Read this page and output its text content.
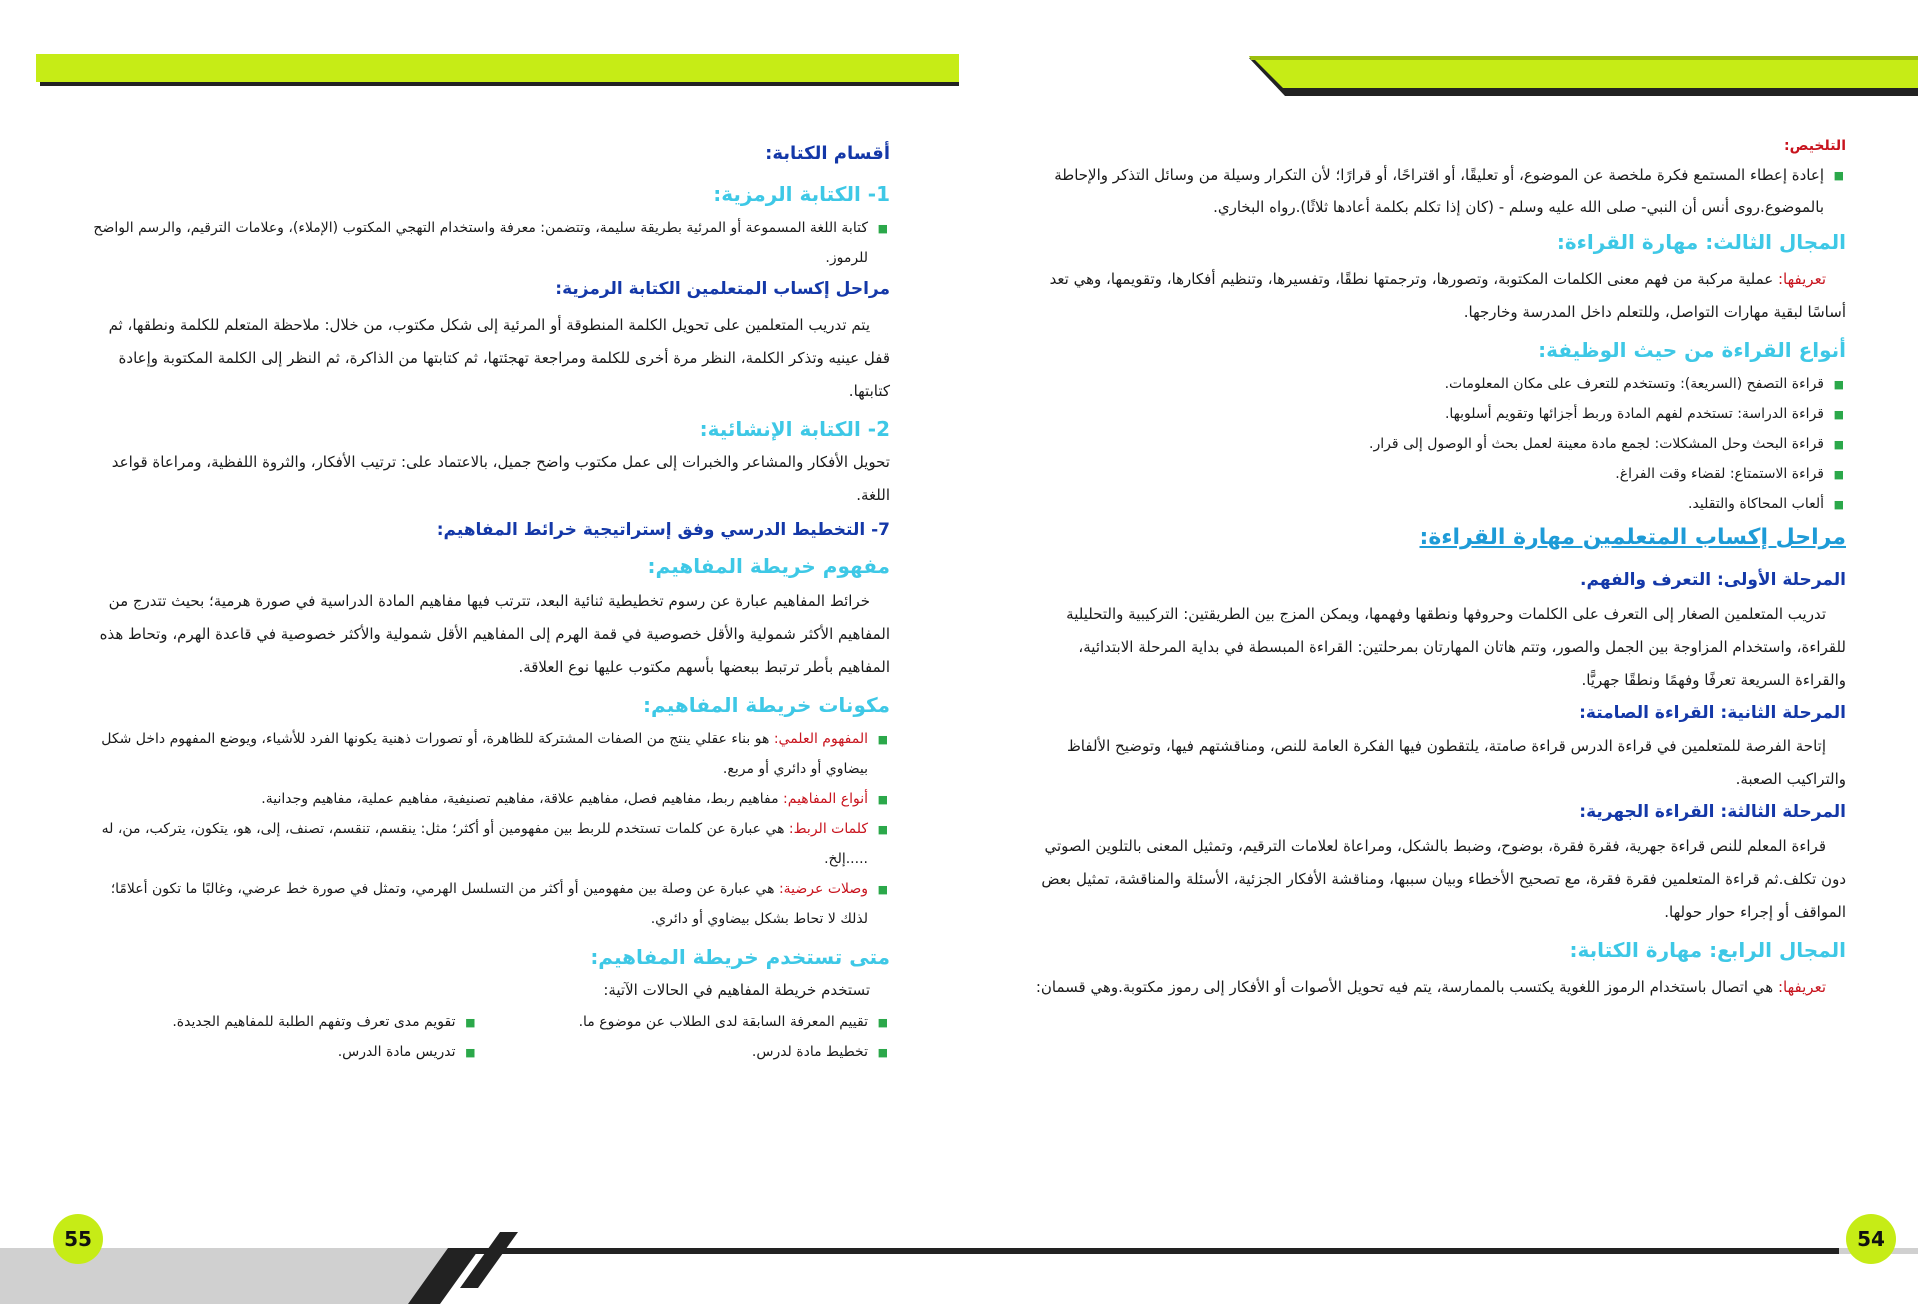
55
أقسام الكتابة:
1- الكتابة الرمزية:
■
كتابة اللغة المسموعة أو المرئية بطريقة سليمة، وتتضمن: معرفة واستخدام التهجي المكتوب (الإملاء)، وعلامات الترقيم، والرسم الواضح للرموز.
مراحل إكساب المتعلمين الكتابة الرمزية:

يتم تدريب المتعلمين على تحويل الكلمة المنطوقة أو المرئية إلى شكل مكتوب، من خلال: ملاحظة المتعلم للكلمة ونطقها، ثم قفل عينيه وتذكر الكلمة، النظر مرة أخرى للكلمة ومراجعة تهجئتها، ثم كتابتها من الذاكرة، ثم النظر إلى الكلمة المكتوبة وإعادة كتابتها.

2- الكتابة الإنشائية:

تحويل الأفكار والمشاعر والخبرات إلى عمل مكتوب واضح جميل، بالاعتماد على: ترتيب الأفكار، والثروة اللفظية، ومراعاة قواعد اللغة.

7- التخطيط الدرسي وفق إستراتيجية خرائط المفاهيم:
مفهوم خريطة المفاهيم:

خرائط المفاهيم عبارة عن رسوم تخطيطية ثنائية البعد، تترتب فيها مفاهيم المادة الدراسية في صورة هرمية؛ بحيث تتدرج من المفاهيم الأكثر شمولية والأقل خصوصية في قمة الهرم إلى المفاهيم الأقل شمولية والأكثر خصوصية في قاعدة الهرم، وتحاط هذه المفاهيم بأطر ترتبط ببعضها بأسهم مكتوب عليها نوع العلاقة.

مكونات خريطة المفاهيم:
■
المفهوم العلمي: هو بناء عقلي ينتج من الصفات المشتركة للظاهرة، أو تصورات ذهنية يكونها الفرد للأشياء، ويوضع المفهوم داخل شكل بيضاوي أو دائري أو مربع.
■
أنواع المفاهيم: مفاهيم ربط، مفاهيم فصل، مفاهيم علاقة، مفاهيم تصنيفية، مفاهيم عملية، مفاهيم وجدانية.
■
كلمات الربط: هي عبارة عن كلمات تستخدم للربط بين مفهومين أو أكثر؛ مثل: ينقسم، تنقسم، تصنف، إلى، هو، يتكون، يتركب، من، له .....إلخ.
■
وصلات عرضية: هي عبارة عن وصلة بين مفهومين أو أكثر من التسلسل الهرمي، وتمثل في صورة خط عرضي، وغالبًا ما تكون أعلامًا؛ لذلك لا تحاط بشكل بيضاوي أو دائري.
متى تستخدم خريطة المفاهيم:

تستخدم خريطة المفاهيم في الحالات الآتية:

■
تقييم المعرفة السابقة لدى الطلاب عن موضوع ما.
■
تخطيط مادة لدرس.
■
تقويم مدى تعرف وتفهم الطلبة للمفاهيم الجديدة.
■
تدريس مادة الدرس.
54
التلخيص:
■
إعادة إعطاء المستمع فكرة ملخصة عن الموضوع، أو تعليقًا، أو اقتراحًا، أو قرارًا؛ لأن التكرار وسيلة من وسائل التذكر والإحاطة بالموضوع.روى أنس أن النبي- صلى الله عليه وسلم - (كان إذا تكلم بكلمة أعادها ثلاثًا).رواه البخاري.
المجال الثالث: مهارة القراءة:

تعريفها: عملية مركبة من فهم معنى الكلمات المكتوبة، وتصورها، وترجمتها نطقًا، وتفسيرها، وتنظيم أفكارها، وتقويمها، وهي تعد أساسًا لبقية مهارات التواصل، وللتعلم داخل المدرسة وخارجها.

أنواع القراءة من حيث الوظيفة:
■
قراءة التصفح (السريعة): وتستخدم للتعرف على مكان المعلومات.
■
قراءة الدراسة: تستخدم لفهم المادة وربط أجزائها وتقويم أسلوبها.
■
قراءة البحث وحل المشكلات: لجمع مادة معينة لعمل بحث أو الوصول إلى قرار.
■
قراءة الاستمتاع: لقضاء وقت الفراغ.
■
ألعاب المحاكاة والتقليد.
مراحل إكساب المتعلمين مهارة القراءة:
المرحلة الأولى: التعرف والفهم.

تدريب المتعلمين الصغار إلى التعرف على الكلمات وحروفها ونطقها وفهمها، ويمكن المزج بين الطريقتين: التركيبية والتحليلية للقراءة، واستخدام المزاوجة بين الجمل والصور، وتتم هاتان المهارتان بمرحلتين: القراءة المبسطة في بداية المرحلة الابتدائية، والقراءة السريعة تعرفًا وفهمًا ونطقًا جهريًّا.

المرحلة الثانية: القراءة الصامتة:

إتاحة الفرصة للمتعلمين في قراءة الدرس قراءة صامتة، يلتقطون فيها الفكرة العامة للنص، ومناقشتهم فيها، وتوضيح الألفاظ والتراكيب الصعبة.

المرحلة الثالثة: القراءة الجهرية:

قراءة المعلم للنص قراءة جهرية، فقرة فقرة، بوضوح، وضبط بالشكل، ومراعاة لعلامات الترقيم، وتمثيل المعنى بالتلوين الصوتي دون تكلف.ثم قراءة المتعلمين فقرة فقرة، مع تصحيح الأخطاء وبيان سببها، ومناقشة الأفكار الجزئية، الأسئلة والمناقشة، تمثيل بعض المواقف أو إجراء حوار حولها.

المجال الرابع: مهارة الكتابة:

تعريفها: هي اتصال باستخدام الرموز اللغوية يكتسب بالممارسة، يتم فيه تحويل الأصوات أو الأفكار إلى رموز مكتوبة.وهي قسمان:
